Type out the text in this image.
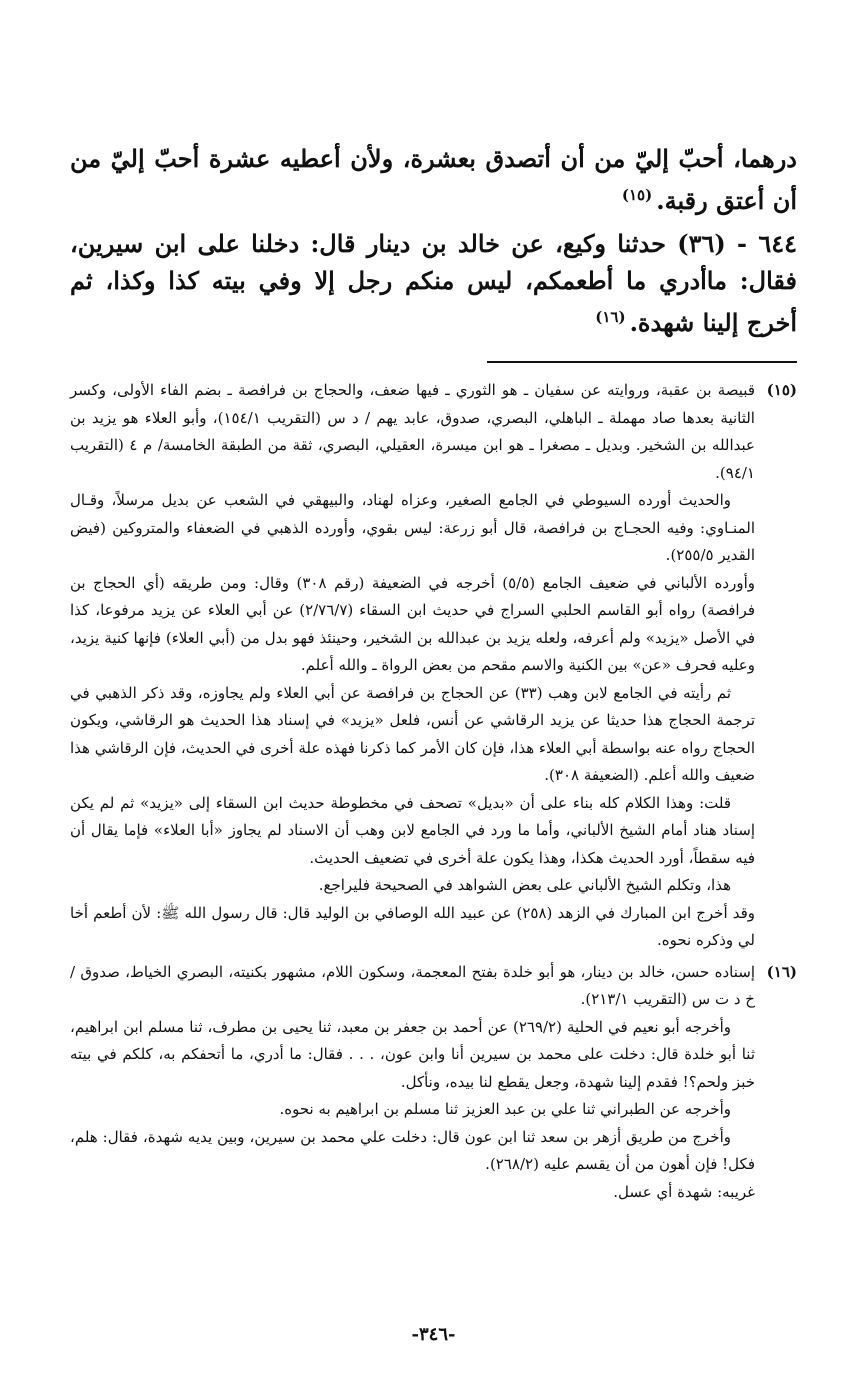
درهما، أحبّ إليّ من أن أتصدق بعشرة، ولأن أعطيه عشرة أحبّ إليّ من أن أعتق رقبة.$^{(١٥)}$

٦٤٤ - (٣٦) حدثنا وكيع، عن خالد بن دينار قال: دخلنا على ابن سيرين، فقال: ماأدري ما أطعمكم، ليس منكم رجل إلا وفي بيته كذا وكذا، ثم أخرج إلينا شهدة.$^{(١٦)}$

(١٥)

قبيصة بن عقبة، وروايته عن سفيان ـ هو الثوري ـ فيها ضعف، والحجاج بن فرافصة ـ بضم الفاء الأولى، وكسر الثانية بعدها صاد مهملة ـ الباهلي، البصري، صدوق، عابد يهم / د س (التقريب ١٥٤/١)، وأبو العلاء هو يزيد بن عبدالله بن الشخير. وبديل ـ مصغرا ـ هو ابن ميسرة، العقيلي، البصري، ثقة من الطبقة الخامسة/ م ٤ (التقريب ٩٤/١).

والحديث أورده السيوطي في الجامع الصغير، وعزاه لهناد، والبيهقي في الشعب عن بديل مرسلاً، وقـال المنـاوي: وفيه الحجـاج بن فرافصة، قال أبو زرعة: ليس بقوي، وأورده الذهبي في الضعفاء والمتروكين (فيض القدير ٢٥٥/٥).

وأورده الألباني في ضعيف الجامع (٥/٥) أخرجه في الضعيفة (رقم ٣٠٨) وقال: ومن طريقه (أي الحجاج بن فرافصة) رواه أبو القاسم الحلبي السراج في حديث ابن السقاء (٢/٧٦/٧) عن أبي العلاء عن يزيد مرفوعا، كذا في الأصل «يزيد» ولم أعرفه، ولعله يزيد بن عبدالله بن الشخير، وحينئذ فهو بدل من (أبي العلاء) فإنها كنية يزيد، وعليه فحرف «عن» بين الكنية والاسم مقحم من بعض الرواة ـ والله أعلم.

ثم رأيته في الجامع لابن وهب (٣٣) عن الحجاج بن فرافصة عن أبي العلاء ولم يجاوزه، وقد ذكر الذهبي في ترجمة الحجاج هذا حديثا عن يزيد الرقاشي عن أنس، فلعل «يزيد» في إسناد هذا الحديث هو الرقاشي، ويكون الحجاج رواه عنه بواسطة أبي العلاء هذا، فإن كان الأمر كما ذكرنا فهذه علة أخرى في الحديث، فإن الرقاشي هذا ضعيف والله أعلم. (الضعيفة ٣٠٨).

قلت: وهذا الكلام كله بناء على أن «بديل» تصحف في مخطوطة حديث ابن السقاء إلى «يزيد» ثم لم يكن إسناد هناد أمام الشيخ الألباني، وأما ما ورد في الجامع لابن وهب أن الاسناد لم يجاوز «أبا العلاء» فإما يقال أن فيه سقطاً، أورد الحديث هكذا، وهذا يكون علة أخرى في تضعيف الحديث.

هذا، وتكلم الشيخ الألباني على بعض الشواهد في الصحيحة فليراجع.

وقد أخرج ابن المبارك في الزهد (٢٥٨) عن عبيد الله الوصافي بن الوليد قال: قال رسول الله ﷺ: لأن أطعم أخا لي وذكره نحوه.

(١٦)

إسناده حسن، خالد بن دينار، هو أبو خلدة بفتح المعجمة، وسكون اللام، مشهور بكنيته، البصري الخياط، صدوق /خ د ت س (التقريب ٢١٣/١).

وأخرجه أبو نعيم في الحلية (٢٦٩/٢) عن أحمد بن جعفر بن معبد، ثنا يحيى بن مطرف، ثنا مسلم ابن ابراهيم، ثنا أبو خلدة قال: دخلت على محمد بن سيرين أنا وابن عون، . . . فقال: ما أدري، ما أتحفكم به، كلكم في بيته خبز ولحم؟! فقدم إلينا شهدة، وجعل يقطع لنا بيده، ونأكل.

وأخرجه عن الطبراني ثنا علي بن عبد العزيز ثنا مسلم بن ابراهيم به نحوه.

وأخرج من طريق أزهر بن سعد ثنا ابن عون قال: دخلت علي محمد بن سيرين، وبين يديه شهدة، فقال: هلم، فكل! فإن أهون من أن يقسم عليه (٢٦٨/٢).

غريبه: شهدة أي عسل.

-٣٤٦-
